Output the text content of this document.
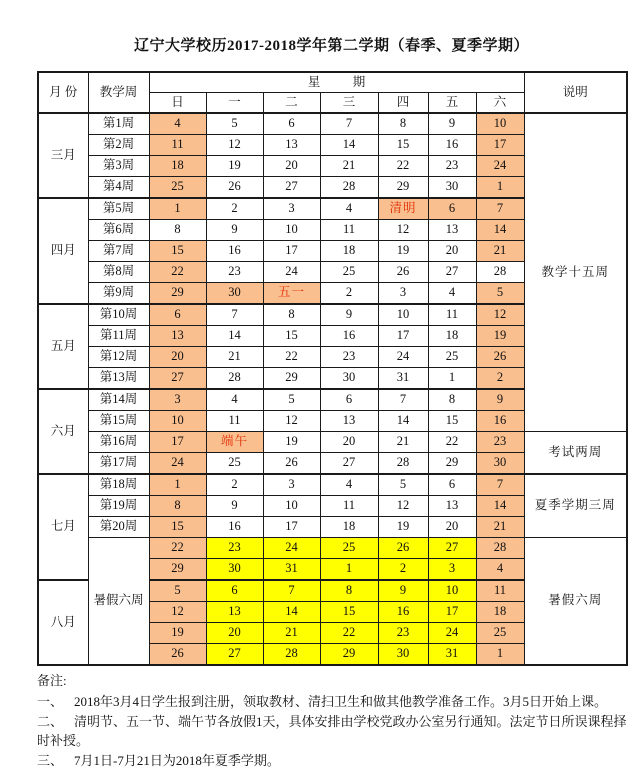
辽宁大学校历2017-2018学年第二学期（春季、夏季学期）
月 份	教学周	星期							说明
		日	一	二	三	四	五	六	
三月	第1周	4	5	6	7	8	9	10	教学十五周
	第2周	11	12	13	14	15	16	17	
	第3周	18	19	20	21	22	23	24	
	第4周	25	26	27	28	29	30	1	
四月	第5周	1	2	3	4	清明	6	7	
	第6周	8	9	10	11	12	13	14	
	第7周	15	16	17	18	19	20	21	
	第8周	22	23	24	25	26	27	28	
	第9周	29	30	五一	2	3	4	5	
五月	第10周	6	7	8	9	10	11	12	
	第11周	13	14	15	16	17	18	19	
	第12周	20	21	22	23	24	25	26	
	第13周	27	28	29	30	31	1	2	
六月	第14周	3	4	5	6	7	8	9	
	第15周	10	11	12	13	14	15	16	
	第16周	17	端午	19	20	21	22	23	考试两周
	第17周	24	25	26	27	28	29	30	
七月	第18周	1	2	3	4	5	6	7	夏季学期三周
	第19周	8	9	10	11	12	13	14	
	第20周	15	16	17	18	19	20	21	
	暑假六周	22	23	24	25	26	27	28	暑假六周
		29	30	31	1	2	3	4	
八月		5	6	7	8	9	10	11	
		12	13	14	15	16	17	18	
		19	20	21	22	23	24	25	
		26	27	28	29	30	31	1	
备注:
一、 2018年3月4日学生报到注册，领取教材、清扫卫生和做其他教学准备工作。3月5日开始上课。
二、 清明节、五一节、端午节各放假1天，具体安排由学校党政办公室另行通知。法定节日所误课程择时补授。
三、 7月1日-7月21日为2018年夏季学期。
